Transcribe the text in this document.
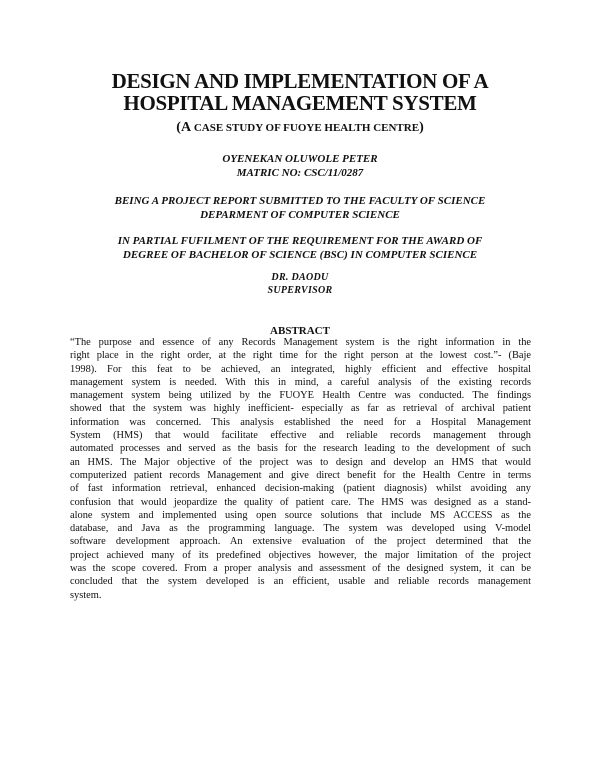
DESIGN AND IMPLEMENTATION OF A
HOSPITAL MANAGEMENT SYSTEM
(A CASE STUDY OF FUOYE HEALTH CENTRE)
OYENEKAN OLUWOLE PETER
MATRIC NO: CSC/11/0287
BEING A PROJECT REPORT SUBMITTED TO THE FACULTY OF SCIENCE
DEPARMENT OF COMPUTER SCIENCE
IN PARTIAL FUFILMENT OF THE REQUIREMENT FOR THE AWARD OF
DEGREE OF BACHELOR OF SCIENCE (BSC) IN COMPUTER SCIENCE
DR. DAODU
SUPERVISOR
ABSTRACT
“The purpose and essence of any Records Management system is the right information in the
right place in the right order, at the right time for the right person at the lowest cost.”- (Baje
1998). For this feat to be achieved, an integrated, highly efficient and effective hospital
management system is needed. With this in mind, a careful analysis of the existing records
management system being utilized by the FUOYE Health Centre was conducted. The findings
showed that the system was highly inefficient- especially as far as retrieval of archival patient
information was concerned. This analysis established the need for a Hospital Management
System (HMS) that would facilitate effective and reliable records management through
automated processes and served as the basis for the research leading to the development of such
an HMS. The Major objective of the project was to design and develop an HMS that would
computerized patient records Management and give direct benefit for the Health Centre in terms
of fast information retrieval, enhanced decision-making (patient diagnosis) whilst avoiding any
confusion that would jeopardize the quality of patient care. The HMS was designed as a stand-
alone system and implemented using open source solutions that include MS ACCESS as the
database, and Java as the programming language. The system was developed using V-model
software development approach. An extensive evaluation of the project determined that the
project achieved many of its predefined objectives however, the major limitation of the project
was the scope covered. From a proper analysis and assessment of the designed system, it can be
concluded that the system developed is an efficient, usable and reliable records management
system.
